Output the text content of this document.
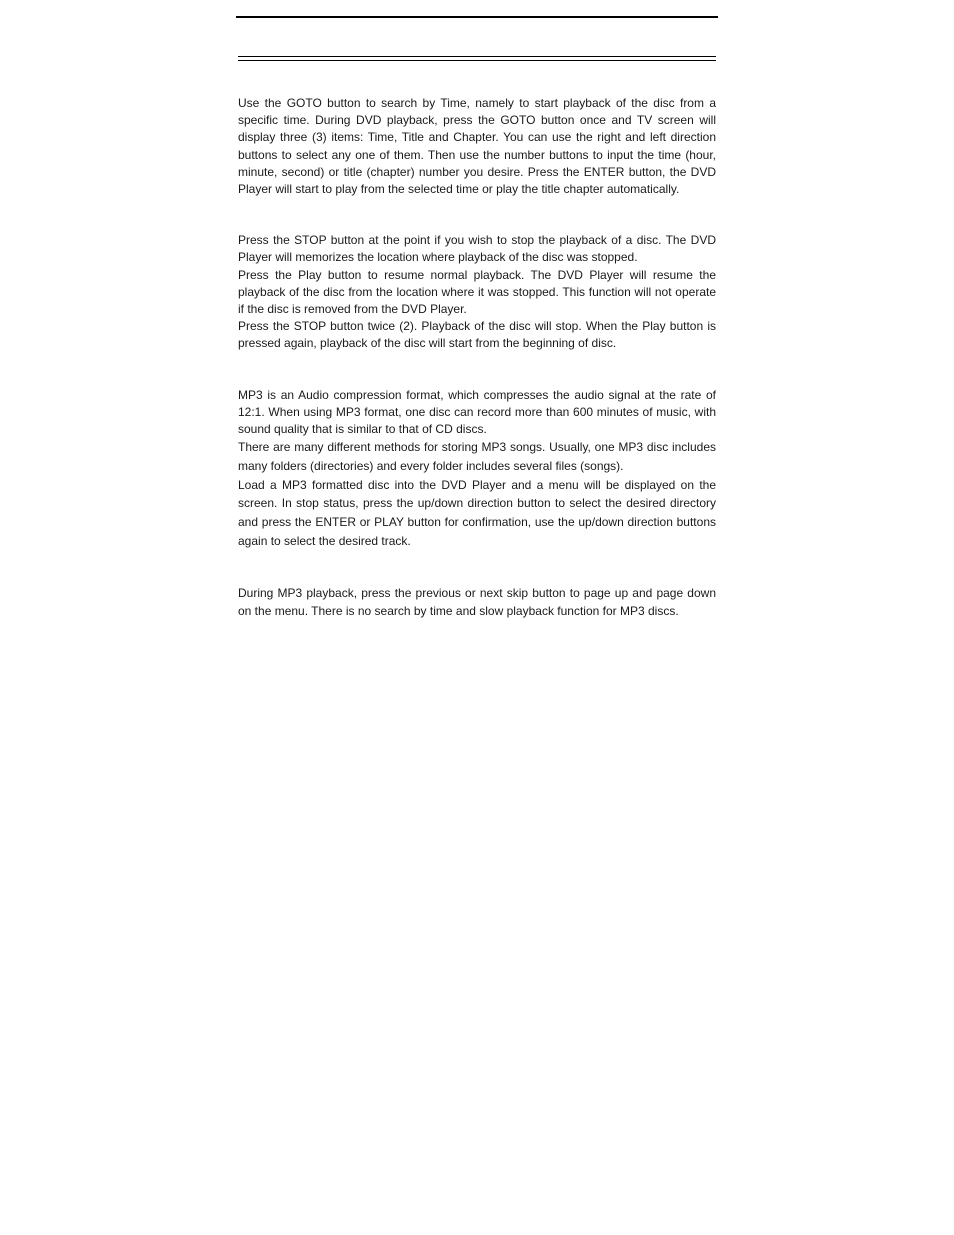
Use the GOTO button to search by Time, namely to start playback of the disc from a specific time. During DVD playback, press the GOTO button once and TV screen will display three (3) items: Time, Title and Chapter. You can use the right and left direction buttons to select any one of them. Then use the number buttons to input the time (hour, minute, second) or title (chapter) number you desire. Press the ENTER button, the DVD Player will start to play from the selected time or play the title chapter automatically.

Press the STOP button at the point if you wish to stop the playback of a disc. The DVD Player will memorizes the location where playback of the disc was stopped.

Press the Play button to resume normal playback. The DVD Player will resume the playback of the disc from the location where it was stopped. This function will not operate if the disc is removed from the DVD Player.

Press the STOP button twice (2). Playback of the disc will stop. When the Play button is pressed again, playback of the disc will start from the beginning of disc.

MP3 is an Audio compression format, which compresses the audio signal at the rate of 12:1. When using MP3 format, one disc can record more than 600 minutes of music, with sound quality that is similar to that of CD discs.

There are many different methods for storing MP3 songs. Usually, one MP3 disc includes many folders (directories) and every folder includes several files (songs).

Load a MP3 formatted disc into the DVD Player and a menu will be displayed on the screen. In stop status, press the up/down direction button to select the desired directory and press the ENTER or PLAY button for confirmation, use the up/down direction buttons again to select the desired track.

During MP3 playback, press the previous or next skip button to page up and page down on the menu. There is no search by time and slow playback function for MP3 discs.
